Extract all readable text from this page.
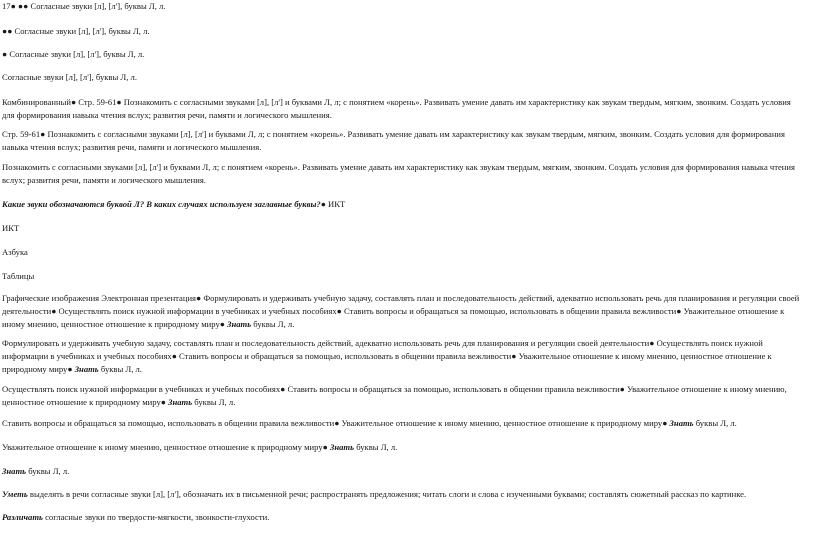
17● ●● Согласные звуки [л], [л'], буквы Л, л.

●● Согласные звуки [л], [л'], буквы Л, л.

● Согласные звуки [л], [л'], буквы Л, л.

Согласные звуки [л], [л'], буквы Л, л.

Комбинированный● Стр. 59-61● Познакомить с согласными звуками [л], [л'] и буквами Л, л; с понятием «корень». Развивать умение давать им характеристику как звукам твердым, мягким, звонким. Создать условия для формирования навыка чтения вслух; развития речи, памяти и логического мышления.

Стр. 59-61● Познакомить с согласными звуками [л], [л'] и буквами Л, л; с понятием «корень». Развивать умение давать им характеристику как звукам твердым, мягким, звонким. Создать условия для формирования навыка чтения вслух; развития речи, памяти и логического мышления.

Познакомить с согласными звуками [л], [л'] и буквами Л, л; с понятием «корень». Развивать умение давать им характеристику как звукам твердым, мягким, звонким. Создать условия для формирования навыка чтения вслух; развития речи, памяти и логического мышления.

Какие звуки обозначаются буквой Л? В каких случаях используем заглавные буквы?● ИКТ

ИКТ

Азбука

Таблицы

Графические изображения Электронная презентация● Формулировать и удерживать учебную задачу, составлять план и последовательность действий, адекватно использовать речь для планирования и регуляции своей деятельности● Осуществлять поиск нужной информации в учебниках и учебных пособиях● Ставить вопросы и обращаться за помощью, использовать в общении правила вежливости● Уважительное отношение к иному мнению, ценностное отношение к природному миру● Знать буквы Л, л.

Формулировать и удерживать учебную задачу, составлять план и последовательность действий, адекватно использовать речь для планирования и регуляции своей деятельности● Осуществлять поиск нужной информации в учебниках и учебных пособиях● Ставить вопросы и обращаться за помощью, использовать в общении правила вежливости● Уважительное отношение к иному мнению, ценностное отношение к природному миру● Знать буквы Л, л.

Осуществлять поиск нужной информации в учебниках и учебных пособиях● Ставить вопросы и обращаться за помощью, использовать в общении правила вежливости● Уважительное отношение к иному мнению, ценностное отношение к природному миру● Знать буквы Л, л.

Ставить вопросы и обращаться за помощью, использовать в общении правила вежливости● Уважительное отношение к иному мнению, ценностное отношение к природному миру● Знать буквы Л, л.

Уважительное отношение к иному мнению, ценностное отношение к природному миру● Знать буквы Л, л.

Знать буквы Л, л.

Уметь выделять в речи согласные звуки [л], [л'], обозначать их в письменной речи; распространять предложения; читать слоги и слова с изученными буквами; составлять сюжетный рассказ по картинке.

Различать согласные звуки по твердости-мягкости, звонкости-глухости.
